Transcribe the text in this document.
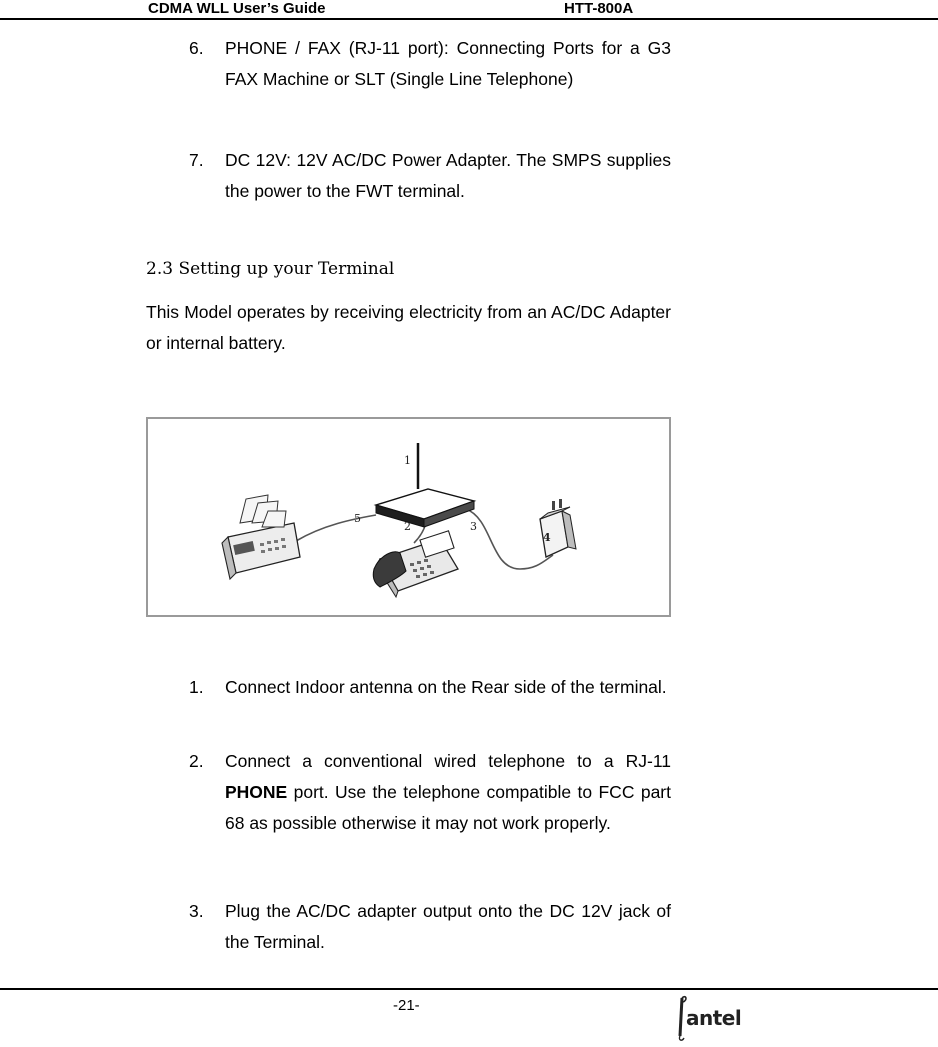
CDMA WLL User’s Guide	HTT-800A
6. PHONE / FAX (RJ-11 port): Connecting Ports for a G3 FAX Machine or SLT (Single Line Telephone)
7. DC 12V: 12V AC/DC Power Adapter. The SMPS supplies the power to the FWT terminal.
2.3 Setting up your Terminal
This Model operates by receiving electricity from an AC/DC Adapter or internal battery.
1
2	3
4
5
1. Connect Indoor antenna on the Rear side of the terminal.
2. Connect a conventional wired telephone to a RJ-11 PHONE port. Use the telephone compatible to FCC part 68 as possible otherwise it may not work properly.
3. Plug the AC/DC adapter output onto the DC 12V jack of the Terminal.
-21-
antel
